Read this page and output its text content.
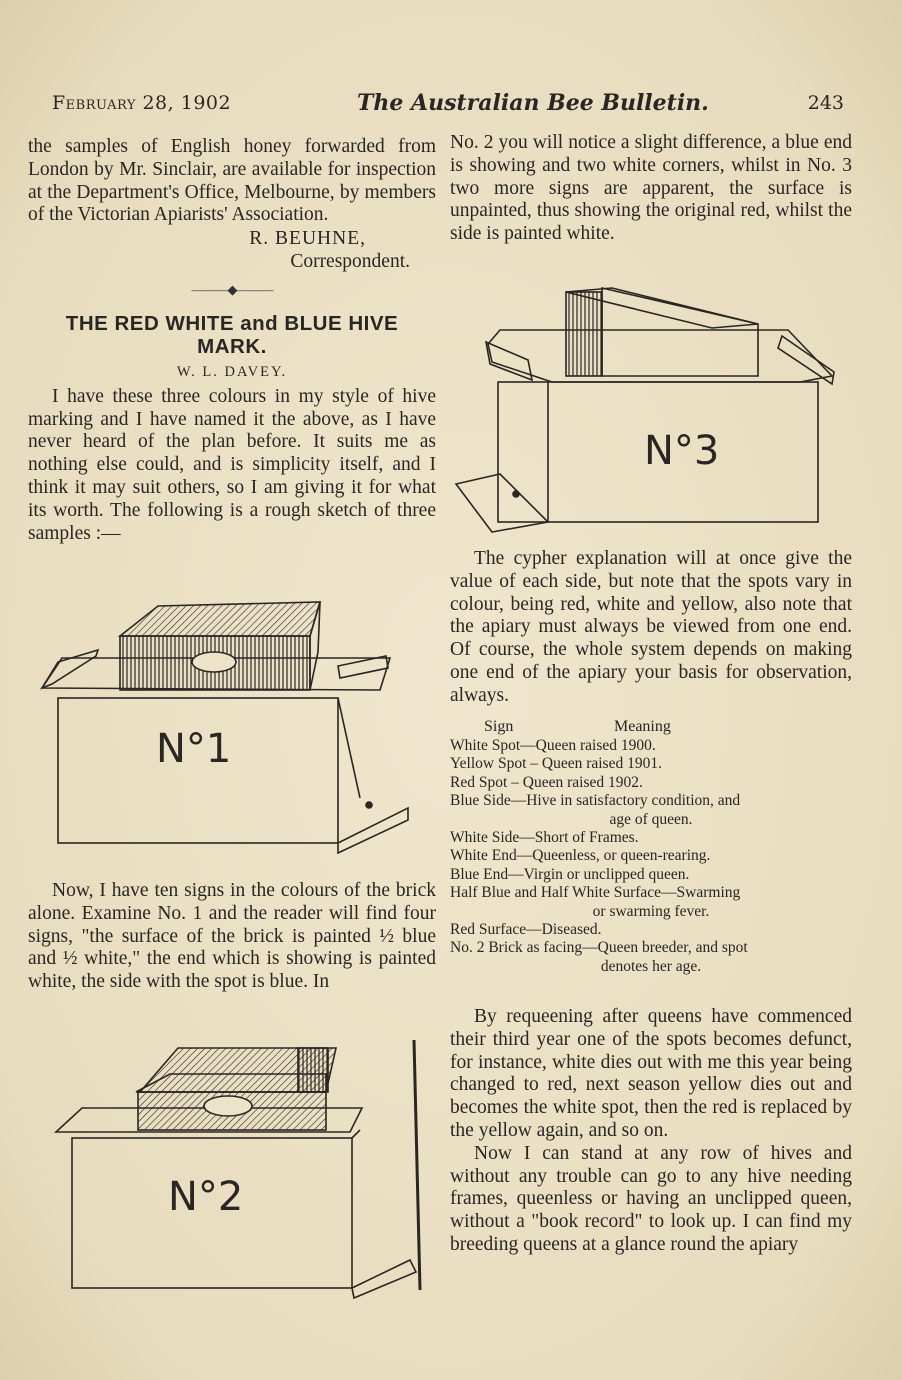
February 28, 1902	The Australian Bee Bulletin.	243

the samples of English honey forwarded from London by Mr. Sinclair, are available for inspection at the Department's Office, Melbourne, by members of the Victorian Apiarists' Association.

R. BEUHNE,
Correspondent.
———◆———
THE RED WHITE and BLUE HIVE MARK.
W. L. DAVEY.

I have these three colours in my style of hive marking and I have named it the above, as I have never heard of the plan before. It suits me as nothing else could, and is simplicity itself, and I think it may suit others, so I am giving it for what its worth. The following is a rough sketch of three samples :—

N°1

Now, I have ten signs in the colours of the brick alone. Examine No. 1 and the reader will find four signs, "the surface of the brick is painted ½ blue and ½ white," the end which is showing is painted white, the side with the spot is blue. In

N°2

No. 2 you will notice a slight difference, a blue end is showing and two white corners, whilst in No. 3 two more signs are apparent, the surface is unpainted, thus showing the original red, whilst the side is painted white.

N°3

The cypher explanation will at once give the value of each side, but note that the spots vary in colour, being red, white and yellow, also note that the apiary must always be viewed from one end. Of course, the whole system depends on making one end of the apiary your basis for observation, always.

Sign	Meaning
White Spot—Queen raised 1900.
Yellow Spot – Queen raised 1901.
Red Spot – Queen raised 1902.
Blue Side—Hive in satisfactory condition, and
age of queen.
White Side—Short of Frames.
White End—Queenless, or queen-rearing.
Blue End—Virgin or unclipped queen.
Half Blue and Half White Surface—Swarming
or swarming fever.
Red Surface—Diseased.
No. 2 Brick as facing—Queen breeder, and spot
denotes her age.

By requeening after queens have commenced their third year one of the spots becomes defunct, for instance, white dies out with me this year being changed to red, next season yellow dies out and becomes the white spot, then the red is replaced by the yellow again, and so on.

Now I can stand at any row of hives and without any trouble can go to any hive needing frames, queenless or having an unclipped queen, without a "book record" to look up. I can find my breeding queens at a glance round the apiary
